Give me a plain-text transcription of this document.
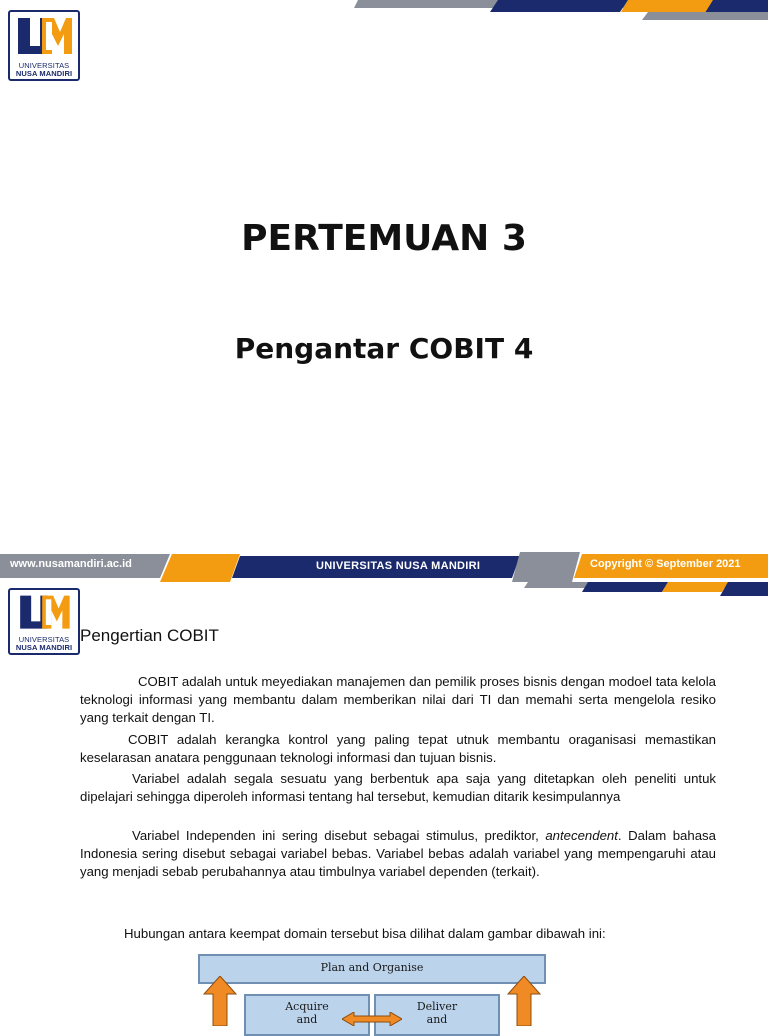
UNIVERSITAS
NUSA MANDIRI
PERTEMUAN 3
Pengantar COBIT 4
www.nusamandiri.ac.id	UNIVERSITAS NUSA MANDIRI	Copyright © September 2021
UNIVERSITAS
NUSA MANDIRI
Pengertian COBIT
COBIT adalah untuk meyediakan manajemen dan pemilik proses bisnis dengan modoel tata kelola teknologi informasi yang membantu dalam memberikan nilai dari TI dan memahi serta mengelola resiko yang terkait dengan TI.
COBIT adalah kerangka kontrol yang paling tepat utnuk membantu oraganisasi memastikan keselarasan anatara penggunaan teknologi informasi dan tujuan bisnis.
Variabel adalah segala sesuatu yang berbentuk apa saja yang ditetapkan oleh peneliti untuk dipelajari sehingga diperoleh informasi tentang hal tersebut, kemudian ditarik kesimpulannya
Variabel Independen ini sering disebut sebagai stimulus, prediktor, antecendent. Dalam bahasa Indonesia sering disebut sebagai variabel bebas. Variabel bebas adalah variabel yang mempengaruhi atau yang menjadi sebab perubahannya atau timbulnya variabel dependen (terkait).
Hubungan antara keempat domain tersebut bisa dilihat dalam gambar dibawah ini:
Plan and Organise
Acquire
and
Deliver
and
